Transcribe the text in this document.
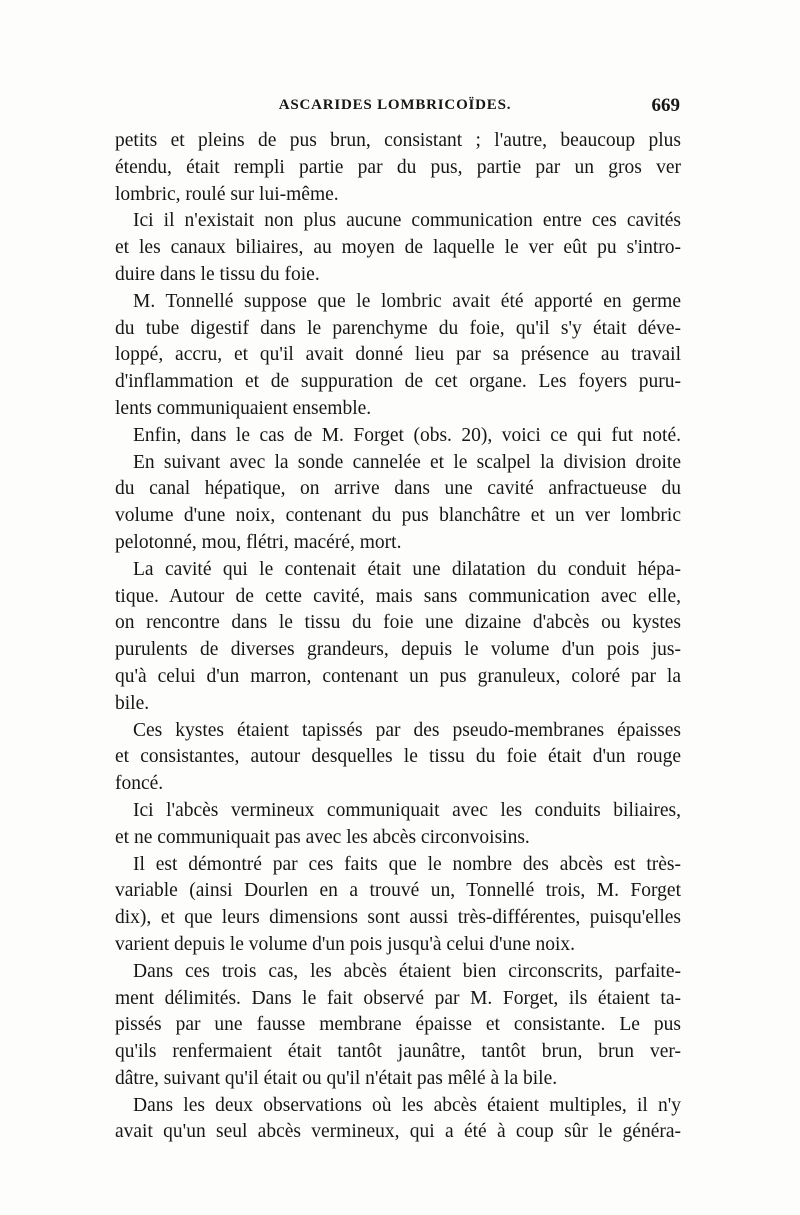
ASCARIDES LOMBRICOÏDES.	669
petits et pleins de pus brun, consistant ; l'autre, beaucoup plus
étendu, était rempli partie par du pus, partie par un gros ver
lombric, roulé sur lui-même.
Ici il n'existait non plus aucune communication entre ces cavités
et les canaux biliaires, au moyen de laquelle le ver eût pu s'intro-
duire dans le tissu du foie.
M. Tonnellé suppose que le lombric avait été apporté en germe
du tube digestif dans le parenchyme du foie, qu'il s'y était déve-
loppé, accru, et qu'il avait donné lieu par sa présence au travail
d'inflammation et de suppuration de cet organe. Les foyers puru-
lents communiquaient ensemble.
Enfin, dans le cas de M. Forget (obs. 20), voici ce qui fut noté.
En suivant avec la sonde cannelée et le scalpel la division droite
du canal hépatique, on arrive dans une cavité anfractueuse du
volume d'une noix, contenant du pus blanchâtre et un ver lombric
pelotonné, mou, flétri, macéré, mort.
La cavité qui le contenait était une dilatation du conduit hépa-
tique. Autour de cette cavité, mais sans communication avec elle,
on rencontre dans le tissu du foie une dizaine d'abcès ou kystes
purulents de diverses grandeurs, depuis le volume d'un pois jus-
qu'à celui d'un marron, contenant un pus granuleux, coloré par la
bile.
Ces kystes étaient tapissés par des pseudo-membranes épaisses
et consistantes, autour desquelles le tissu du foie était d'un rouge
foncé.
Ici l'abcès vermineux communiquait avec les conduits biliaires,
et ne communiquait pas avec les abcès circonvoisins.
Il est démontré par ces faits que le nombre des abcès est très-
variable (ainsi Dourlen en a trouvé un, Tonnellé trois, M. Forget
dix), et que leurs dimensions sont aussi très-différentes, puisqu'elles
varient depuis le volume d'un pois jusqu'à celui d'une noix.
Dans ces trois cas, les abcès étaient bien circonscrits, parfaite-
ment délimités. Dans le fait observé par M. Forget, ils étaient ta-
pissés par une fausse membrane épaisse et consistante. Le pus
qu'ils renfermaient était tantôt jaunâtre, tantôt brun, brun ver-
dâtre, suivant qu'il était ou qu'il n'était pas mêlé à la bile.
Dans les deux observations où les abcès étaient multiples, il n'y
avait qu'un seul abcès vermineux, qui a été à coup sûr le généra-
